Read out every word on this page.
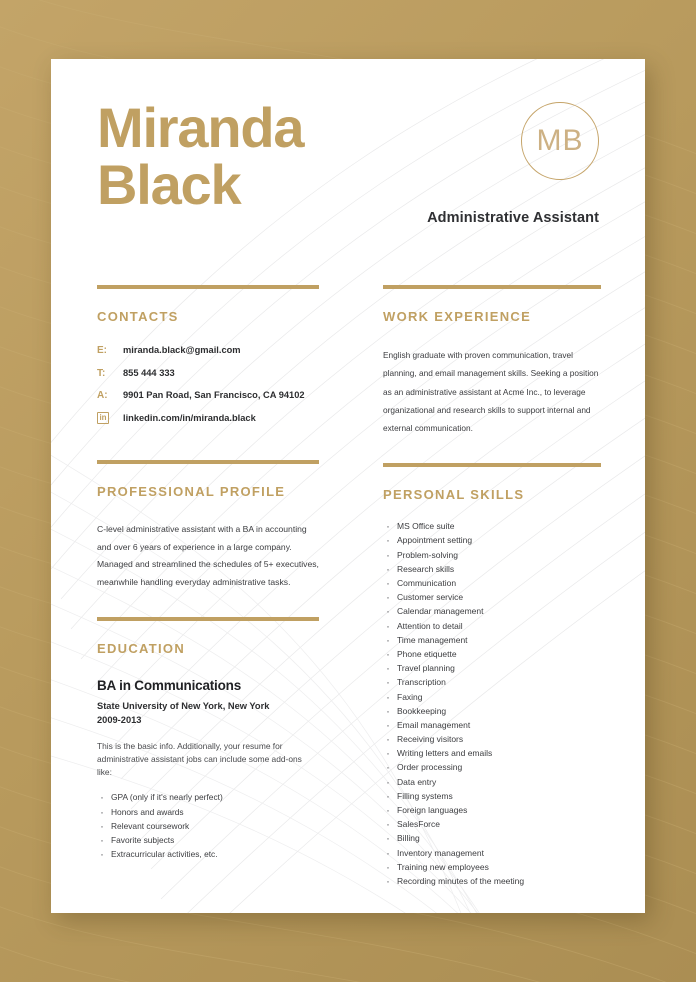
Miranda
Black
MB
Administrative Assistant
CONTACTS
E:	miranda.black@gmail.com
T:	855 444 333
A:	9901 Pan Road, San Francisco, CA 94102
in linkedin.com/in/miranda.black
PROFESSIONAL PROFILE

C-level administrative assistant with a BA in accounting and over 6 years of experience in a large company. Managed and streamlined the schedules of 5+ executives, meanwhile handling everyday administrative tasks.

EDUCATION
BA in Communications
State University of New York, New York
2009-2013

This is the basic info. Additionally, your resume for administrative assistant jobs can include some add-ons like:

· GPA (only if it's nearly perfect)
· Honors and awards
· Relevant coursework
· Favorite subjects
· Extracurricular activities, etc.
WORK EXPERIENCE

English graduate with proven communication, travel planning, and email management skills. Seeking a position as an administrative assistant at Acme Inc., to leverage organizational and research skills to support internal and external communication.

PERSONAL SKILLS
· MS Office suite
· Appointment setting
· Problem-solving
· Research skills
· Communication
· Customer service
· Calendar management
· Attention to detail
· Time management
· Phone etiquette
· Travel planning
· Transcription
· Faxing
· Bookkeeping
· Email management
· Receiving visitors
· Writing letters and emails
· Order processing
· Data entry
· Filling systems
· Foreign languages
· SalesForce
· Billing
· Inventory management
· Training new employees
· Recording minutes of the meeting
